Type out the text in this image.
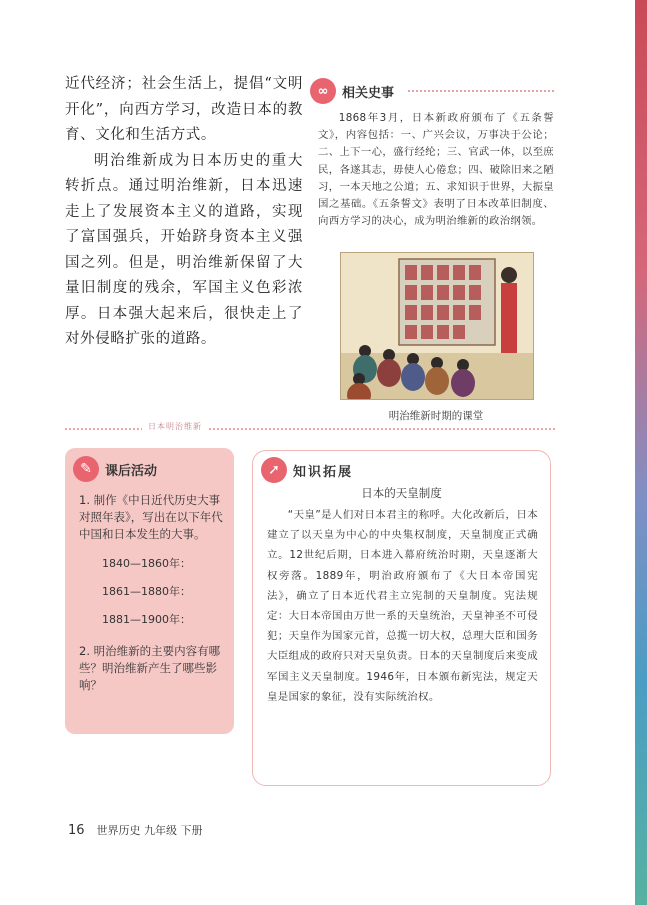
近代经济；社会生活上，提倡“文明开化”，向西方学习，改造日本的教育、文化和生活方式。

明治维新成为日本历史的重大转折点。通过明治维新，日本迅速走上了发展资本主义的道路，实现了富国强兵，开始跻身资本主义强国之列。但是，明治维新保留了大量旧制度的残余，军国主义色彩浓厚。日本强大起来后，很快走上了对外侵略扩张的道路。

∞	相关史事

1868年3月，日本新政府颁布了《五条誓文》，内容包括：一、广兴会议，万事决于公论；二、上下一心，盛行经纶；三、官武一体，以至庶民，各遂其志，毋使人心倦怠；四、破除旧来之陋习，一本天地之公道；五、求知识于世界，大振皇国之基础。《五条誓文》表明了日本改革旧制度、向西方学习的决心，成为明治维新的政治纲领。

明治维新时期的课堂
日本明治维新
✎	课后活动

1. 制作《中日近代历史大事对照年表》，写出在以下年代中国和日本发生的大事。

1840—1860年：
1861—1880年：
1881—1900年：

2. 明治维新的主要内容有哪些？明治维新产生了哪些影响？

➚	知识拓展
日本的天皇制度

“天皇”是人们对日本君主的称呼。大化改新后，日本建立了以天皇为中心的中央集权制度，天皇制度正式确立。12世纪后期，日本进入幕府统治时期，天皇逐渐大权旁落。1889年，明治政府颁布了《大日本帝国宪法》，确立了日本近代君主立宪制的天皇制度。宪法规定：大日本帝国由万世一系的天皇统治，天皇神圣不可侵犯；天皇作为国家元首，总揽一切大权，总理大臣和国务大臣组成的政府只对天皇负责。日本的天皇制度后来变成军国主义天皇制度。1946年，日本颁布新宪法，规定天皇是国家的象征，没有实际统治权。

16 世界历史 九年级 下册
